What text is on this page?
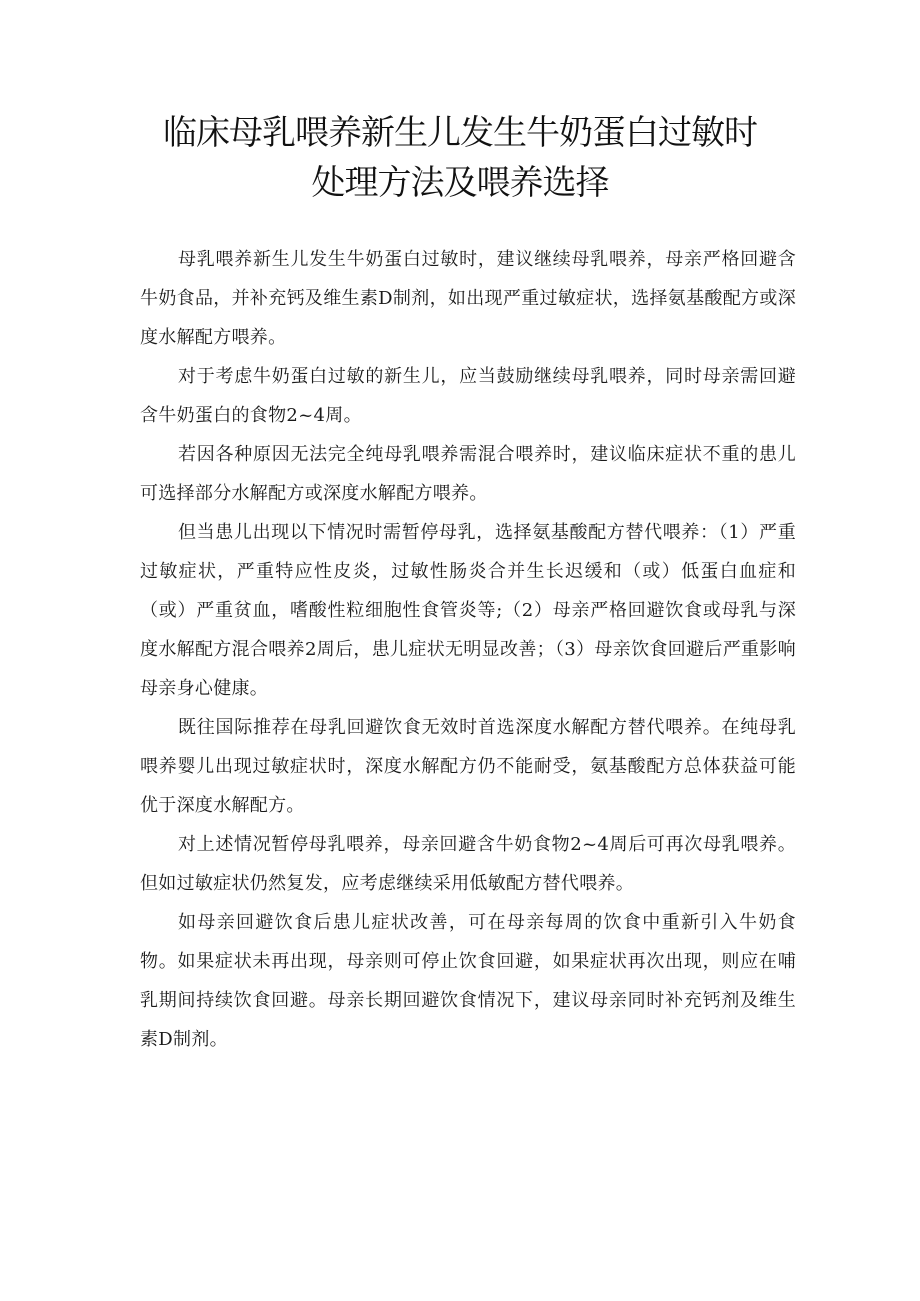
临床母乳喂养新生儿发生牛奶蛋白过敏时
处理方法及喂养选择

母乳喂养新生儿发生牛奶蛋白过敏时，建议继续母乳喂养，母亲严格回避含牛奶食品，并补充钙及维生素D制剂，如出现严重过敏症状，选择氨基酸配方或深度水解配方喂养。

对于考虑牛奶蛋白过敏的新生儿，应当鼓励继续母乳喂养，同时母亲需回避含牛奶蛋白的食物2~4周。

若因各种原因无法完全纯母乳喂养需混合喂养时，建议临床症状不重的患儿可选择部分水解配方或深度水解配方喂养。

但当患儿出现以下情况时需暂停母乳，选择氨基酸配方替代喂养：（1）严重过敏症状，严重特应性皮炎，过敏性肠炎合并生长迟缓和（或）低蛋白血症和（或）严重贫血，嗜酸性粒细胞性食管炎等;（2）母亲严格回避饮食或母乳与深度水解配方混合喂养2周后，患儿症状无明显改善；（3）母亲饮食回避后严重影响母亲身心健康。

既往国际推荐在母乳回避饮食无效时首选深度水解配方替代喂养。在纯母乳喂养婴儿出现过敏症状时，深度水解配方仍不能耐受，氨基酸配方总体获益可能优于深度水解配方。

对上述情况暂停母乳喂养，母亲回避含牛奶食物2~4周后可再次母乳喂养。但如过敏症状仍然复发，应考虑继续采用低敏配方替代喂养。

如母亲回避饮食后患儿症状改善，可在母亲每周的饮食中重新引入牛奶食物。如果症状未再出现，母亲则可停止饮食回避，如果症状再次出现，则应在哺乳期间持续饮食回避。母亲长期回避饮食情况下，建议母亲同时补充钙剂及维生素D制剂。
